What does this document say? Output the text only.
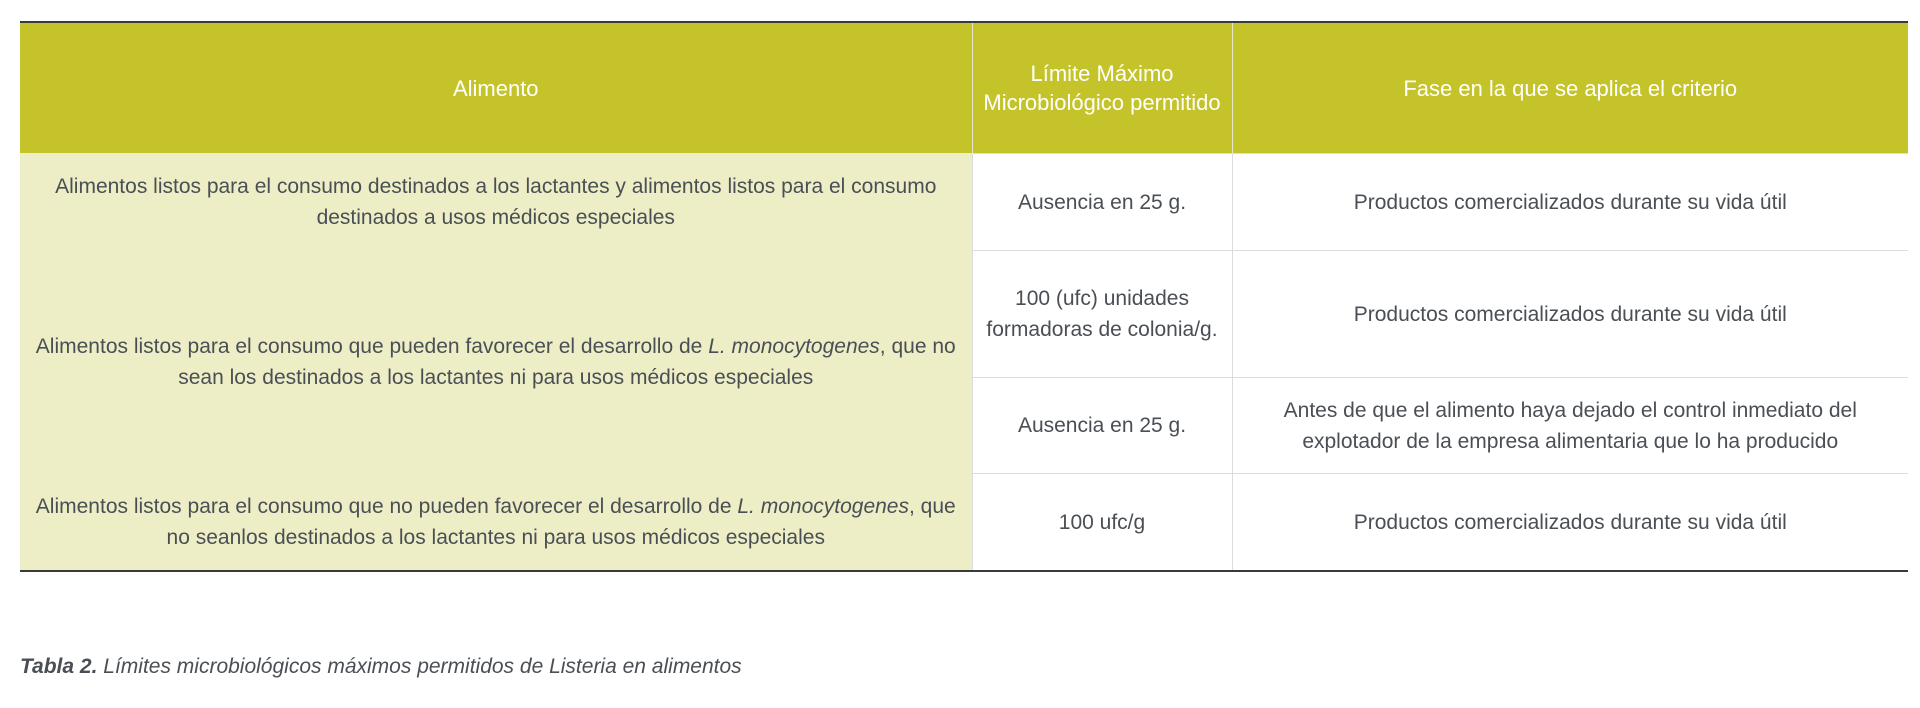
Alimento	Límite Máximo Microbiológico permitido	Fase en la que se aplica el criterio
Alimentos listos para el consumo destinados a los lactantes y alimentos listos para el consumo destinados a usos médicos especiales	Ausencia en 25 g.	Productos comercializados durante su vida útil
Alimentos listos para el consumo que pueden favorecer el desarrollo de L. monocytogenes, que no sean los destinados a los lactantes ni para usos médicos especiales	100 (ufc) unidades formadoras de colonia/g.	Productos comercializados durante su vida útil
	Ausencia en 25 g.	Antes de que el alimento haya dejado el control inmediato del explotador de la empresa alimentaria que lo ha producido
Alimentos listos para el consumo que no pueden favorecer el desarrollo de L. monocytogenes, que no seanlos destinados a los lactantes ni para usos médicos especiales	100 ufc/g	Productos comercializados durante su vida útil
Tabla 2. Límites microbiológicos máximos permitidos de Listeria en alimentos
